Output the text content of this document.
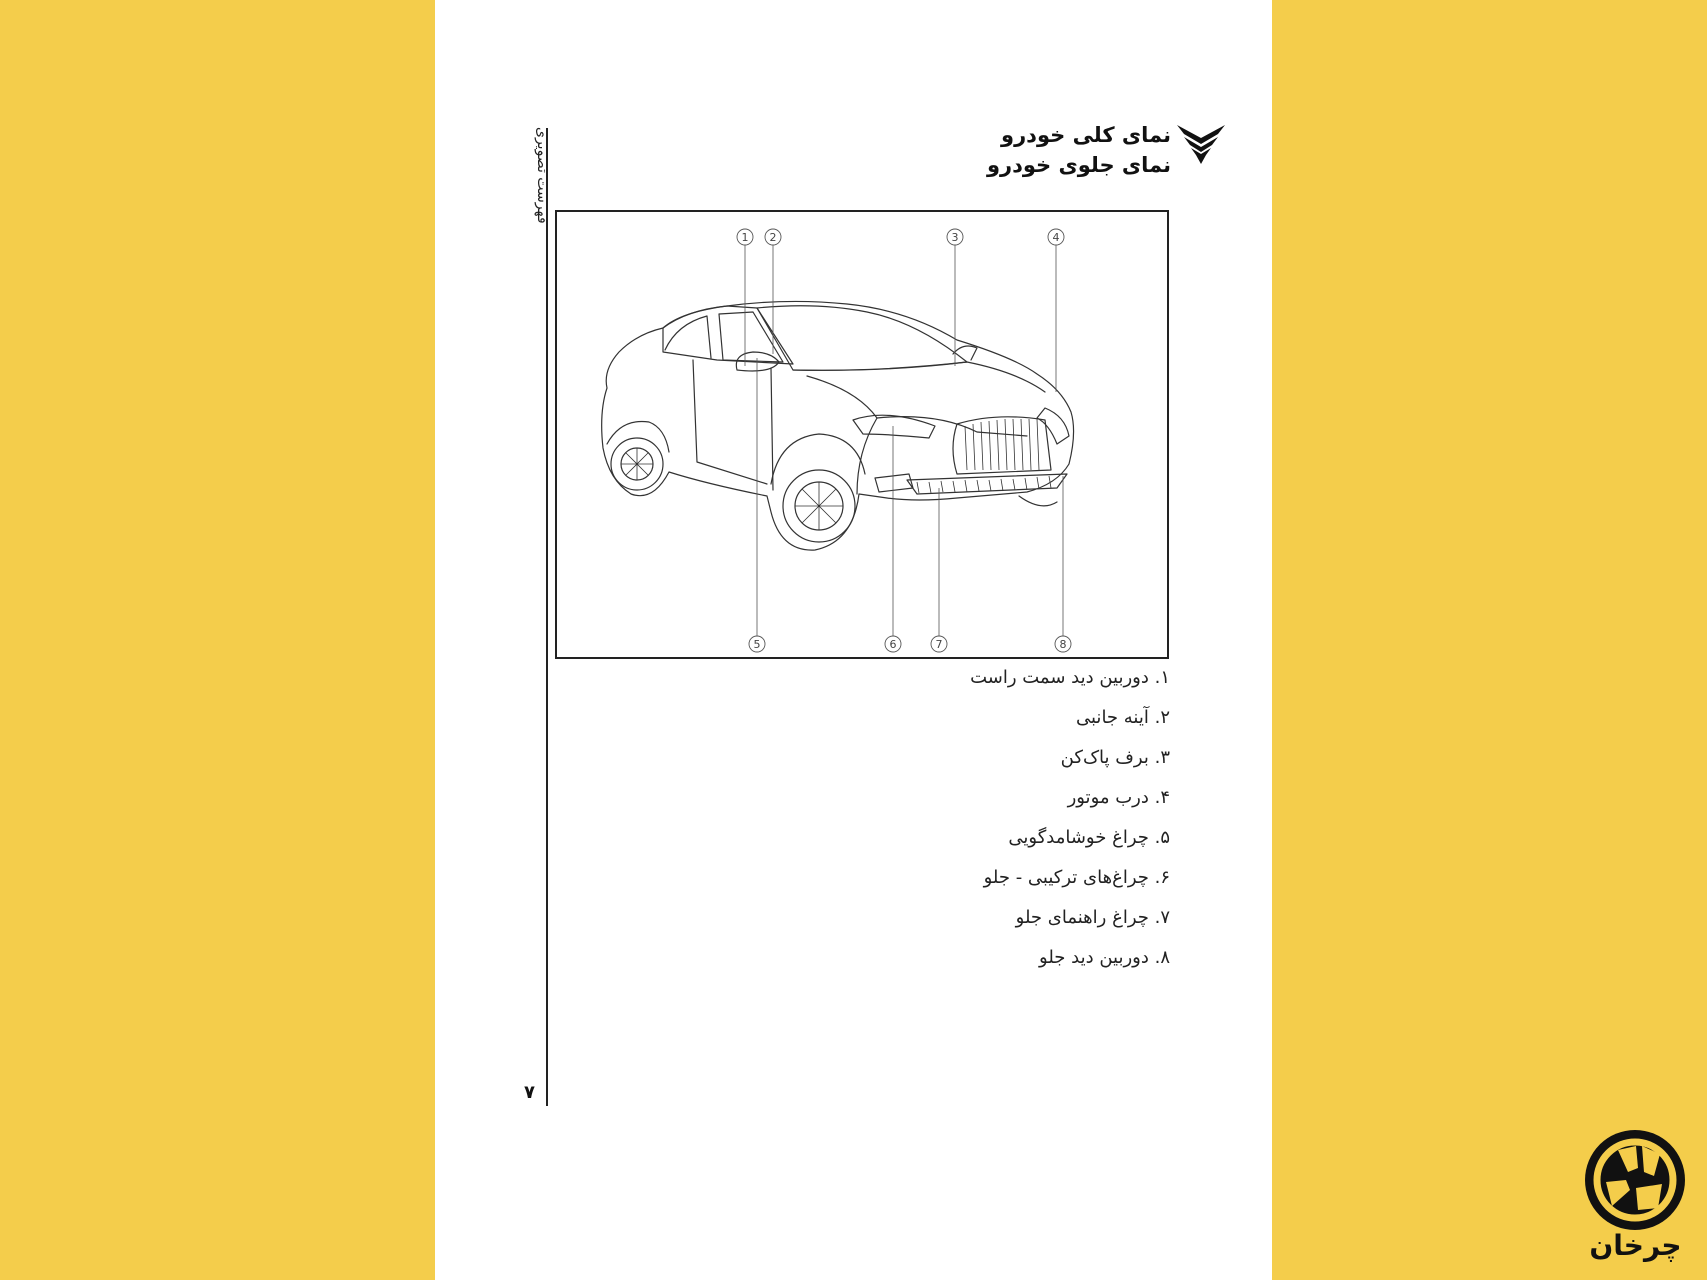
فهرست تصویری
۷
نمای کلی خودرو
نمای جلوی خودرو
1 2	3	4
5	6	7	8
۱. دوربین دید سمت راست
۲. آینه جانبی
۳. برف پاک‌کن
۴. درب موتور
۵. چراغ خوشامدگویی
۶. چراغ‌های ترکیبی - جلو
۷. چراغ راهنمای جلو
۸. دوربین دید جلو
چرخان
